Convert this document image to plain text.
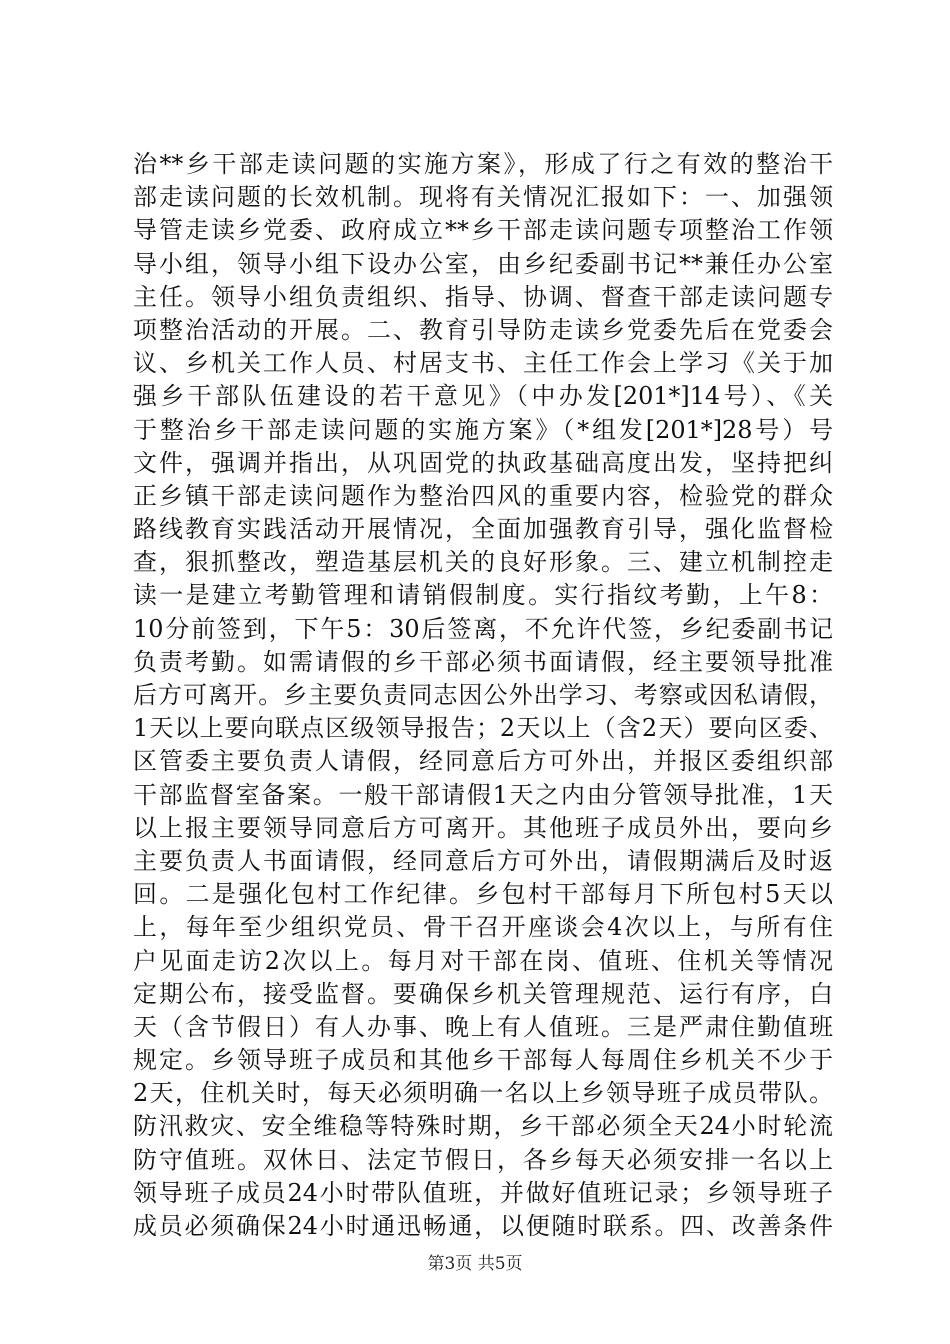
治**乡干部走读问题的实施方案》，形成了行之有效的整治干
部走读问题的长效机制。现将有关情况汇报如下：一、加强领
导管走读乡党委、政府成立**乡干部走读问题专项整治工作领
导小组，领导小组下设办公室，由乡纪委副书记**兼任办公室
主任。领导小组负责组织、指导、协调、督查干部走读问题专
项整治活动的开展。二、教育引导防走读乡党委先后在党委会
议、乡机关工作人员、村居支书、主任工作会上学习《关于加
强乡干部队伍建设的若干意见》（中办发[201*]14号）、《关
于整治乡干部走读问题的实施方案》（*组发[201*]28号）号
文件，强调并指出，从巩固党的执政基础高度出发，坚持把纠
正乡镇干部走读问题作为整治四风的重要内容，检验党的群众
路线教育实践活动开展情况，全面加强教育引导，强化监督检
查，狠抓整改，塑造基层机关的良好形象。三、建立机制控走
读一是建立考勤管理和请销假制度。实行指纹考勤，上午8：
10分前签到，下午5：30后签离，不允许代签，乡纪委副书记
负责考勤。如需请假的乡干部必须书面请假，经主要领导批准
后方可离开。乡主要负责同志因公外出学习、考察或因私请假，
1天以上要向联点区级领导报告；2天以上（含2天）要向区委、
区管委主要负责人请假，经同意后方可外出，并报区委组织部
干部监督室备案。一般干部请假1天之内由分管领导批准，1天
以上报主要领导同意后方可离开。其他班子成员外出，要向乡
主要负责人书面请假，经同意后方可外出，请假期满后及时返
回。二是强化包村工作纪律。乡包村干部每月下所包村5天以
上，每年至少组织党员、骨干召开座谈会4次以上，与所有住
户见面走访2次以上。每月对干部在岗、值班、住机关等情况
定期公布，接受监督。要确保乡机关管理规范、运行有序，白
天（含节假日）有人办事、晚上有人值班。三是严肃住勤值班
规定。乡领导班子成员和其他乡干部每人每周住乡机关不少于
2天，住机关时，每天必须明确一名以上乡领导班子成员带队。
防汛救灾、安全维稳等特殊时期，乡干部必须全天24小时轮流
防守值班。双休日、法定节假日，各乡每天必须安排一名以上
领导班子成员24小时带队值班，并做好值班记录；乡领导班子
成员必须确保24小时通迅畅通，以便随时联系。四、改善条件
第3页 共5页
